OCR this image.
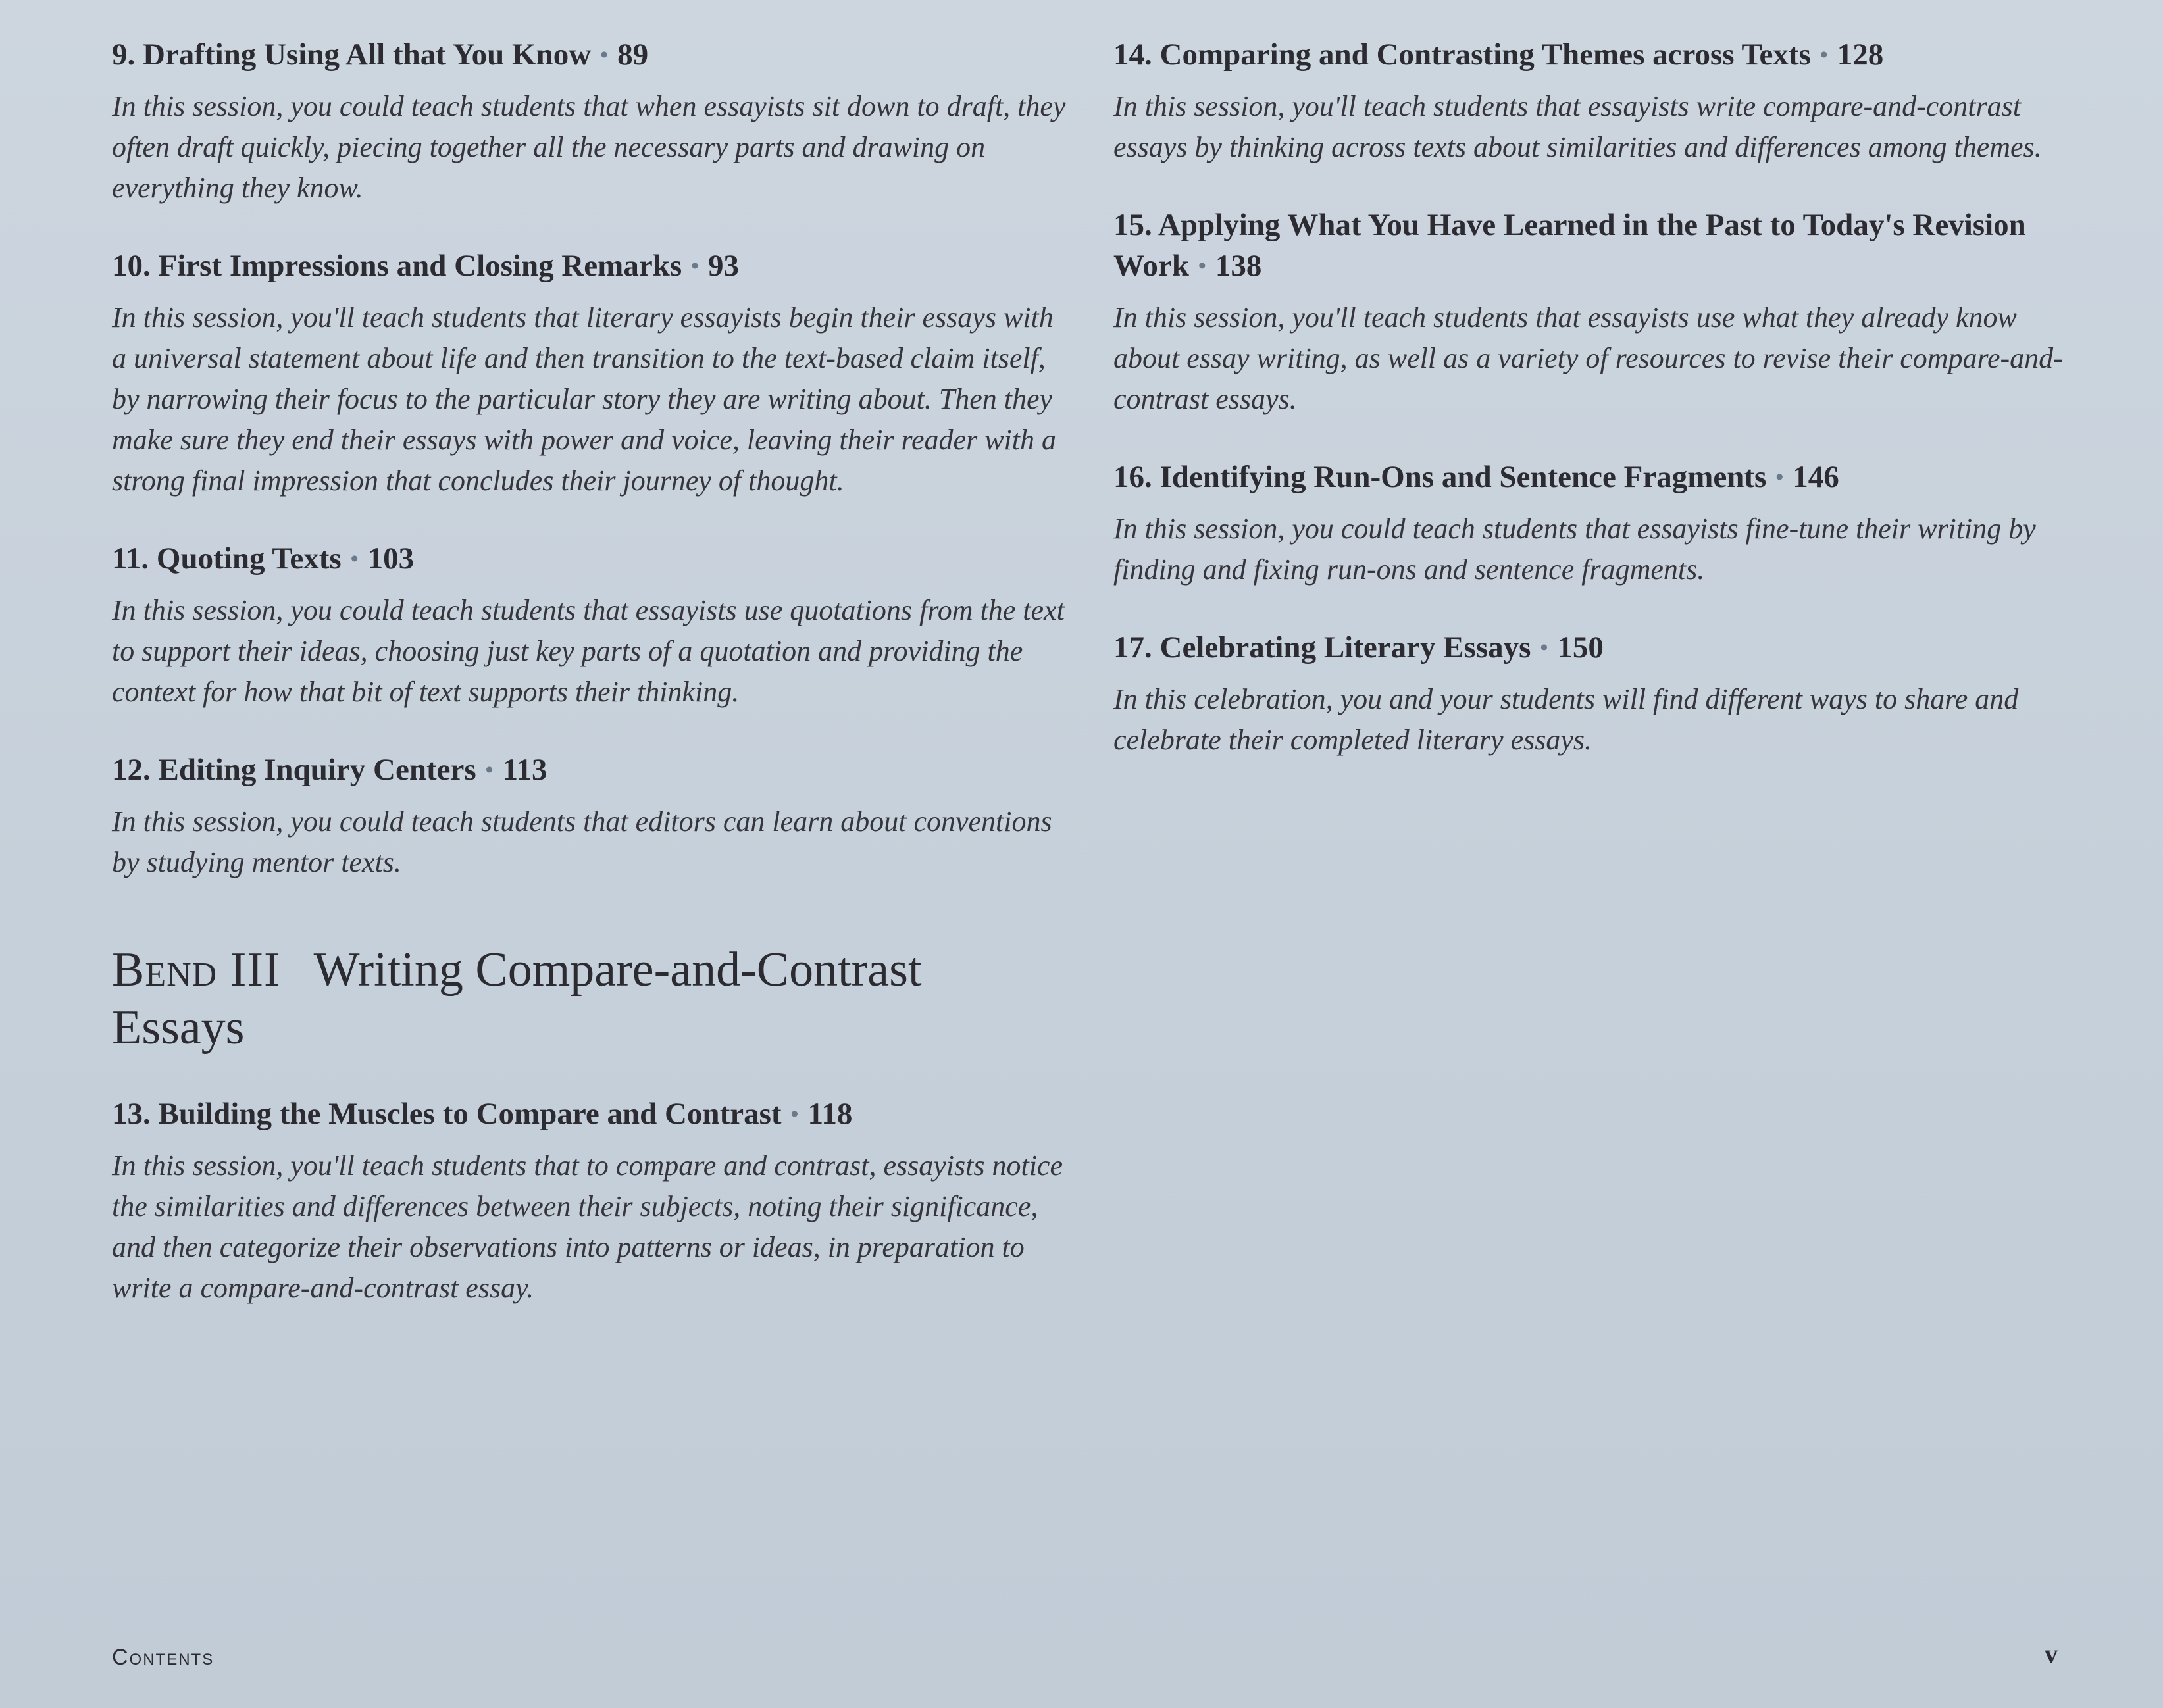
9. Drafting Using All that You Know • 89

In this session, you could teach students that when essayists sit down to draft, they often draft quickly, piecing together all the necessary parts and drawing on everything they know.

10. First Impressions and Closing Remarks • 93

In this session, you'll teach students that literary essayists begin their essays with a universal statement about life and then transition to the text-based claim itself, by narrowing their focus to the particular story they are writing about. Then they make sure they end their essays with power and voice, leaving their reader with a strong final impression that concludes their journey of thought.

11. Quoting Texts • 103

In this session, you could teach students that essayists use quotations from the text to support their ideas, choosing just key parts of a quotation and providing the context for how that bit of text supports their thinking.

12. Editing Inquiry Centers • 113

In this session, you could teach students that editors can learn about conventions by studying mentor texts.

Bend III Writing Compare-and-Contrast Essays

13. Building the Muscles to Compare and Contrast • 118

In this session, you'll teach students that to compare and contrast, essayists notice the similarities and differences between their subjects, noting their significance, and then categorize their observations into patterns or ideas, in preparation to write a compare-and-contrast essay.

14. Comparing and Contrasting Themes across Texts • 128

In this session, you'll teach students that essayists write compare-and-contrast essays by thinking across texts about similarities and differences among themes.

15. Applying What You Have Learned in the Past to Today's Revision Work • 138

In this session, you'll teach students that essayists use what they already know about essay writing, as well as a variety of resources to revise their compare-and-contrast essays.

16. Identifying Run-Ons and Sentence Fragments • 146

In this session, you could teach students that essayists fine-tune their writing by finding and fixing run-ons and sentence fragments.

17. Celebrating Literary Essays • 150

In this celebration, you and your students will find different ways to share and celebrate their completed literary essays.

Contents	v
